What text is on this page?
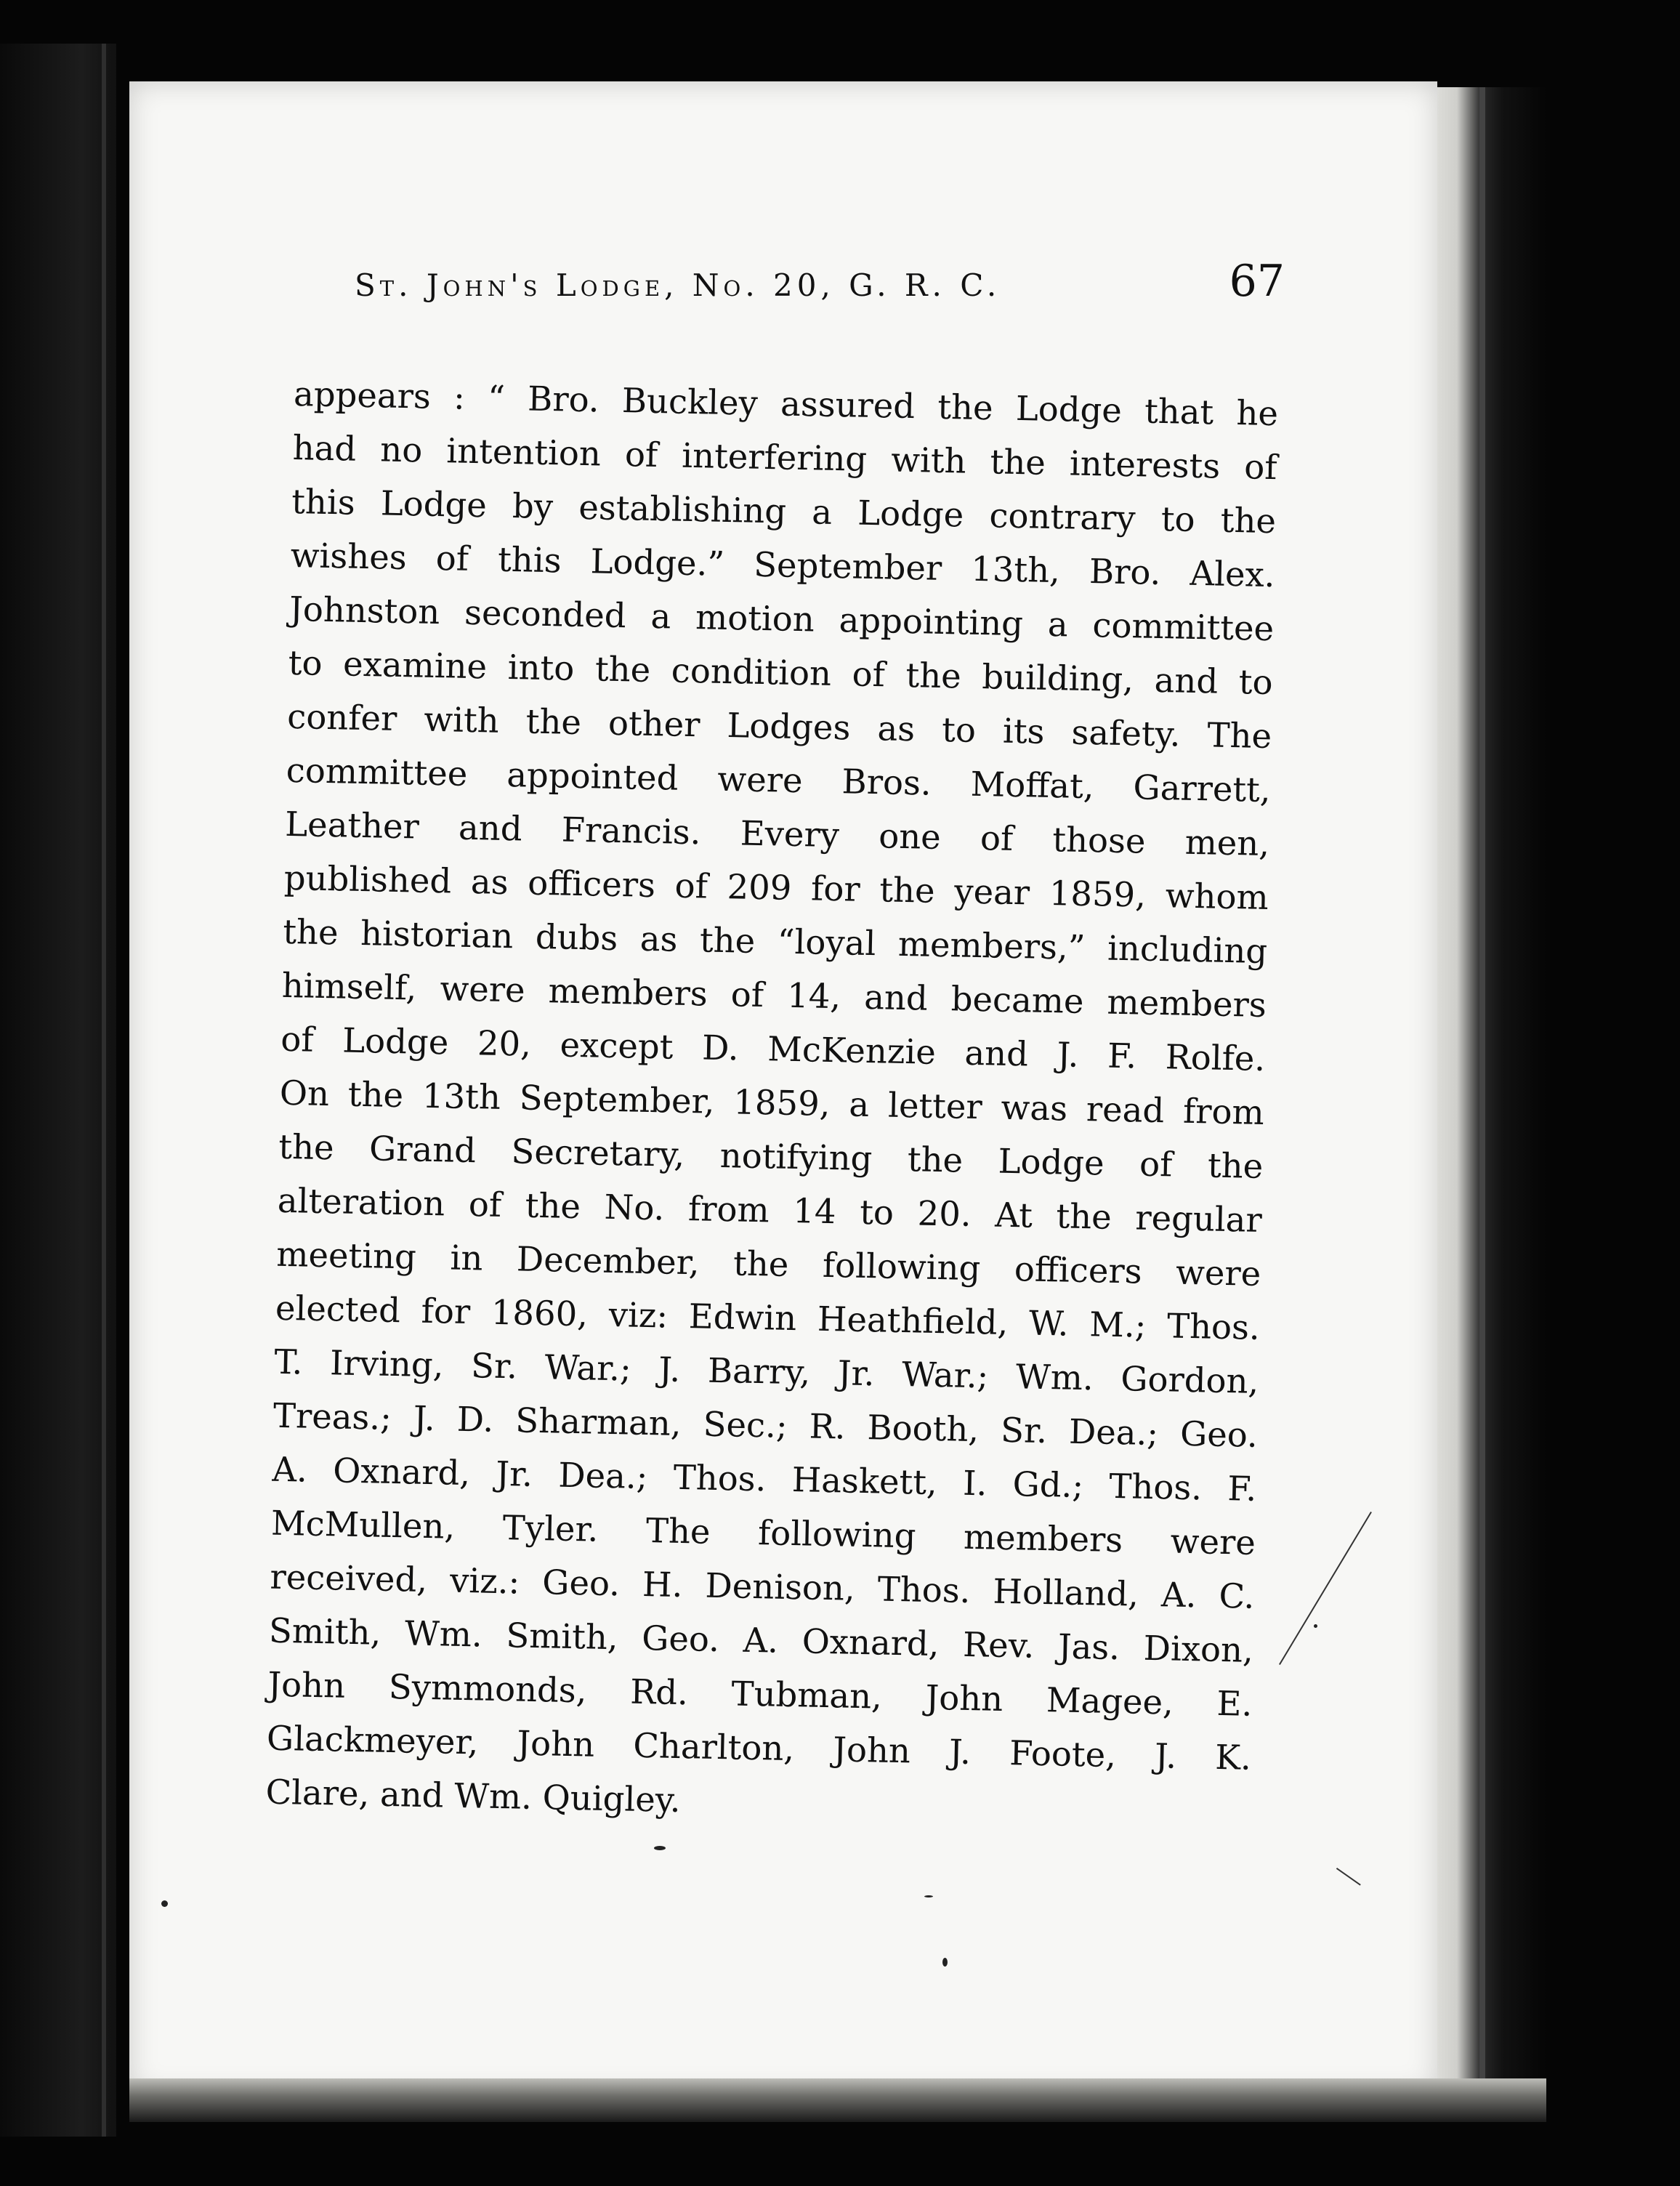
St. John's Lodge, No. 20, G. R. C.	67
appears : “ Bro. Buckley assured the Lodge that he
had no intention of interfering with the interests of
this Lodge by establishing a Lodge contrary to the
wishes of this Lodge.” September 13th, Bro. Alex.
Johnston seconded a motion appointing a committee
to examine into the condition of the building, and to
confer with the other Lodges as to its safety. The
committee appointed were Bros. Moffat, Garrett,
Leather and Francis. Every one of those men,
published as officers of 209 for the year 1859, whom
the historian dubs as the “loyal members,” including
himself, were members of 14, and became members
of Lodge 20, except D. McKenzie and J. F. Rolfe.
On the 13th September, 1859, a letter was read from
the Grand Secretary, notifying the Lodge of the
alteration of the No. from 14 to 20. At the regular
meeting in December, the following officers were
elected for 1860, viz: Edwin Heathfield, W. M.; Thos.
T. Irving, Sr. War.; J. Barry, Jr. War.; Wm. Gordon,
Treas.; J. D. Sharman, Sec.; R. Booth, Sr. Dea.; Geo.
A. Oxnard, Jr. Dea.; Thos. Haskett, I. Gd.; Thos. F.
McMullen, Tyler. The following members were
received, viz.: Geo. H. Denison, Thos. Holland, A. C.
Smith, Wm. Smith, Geo. A. Oxnard, Rev. Jas. Dixon,
John Symmonds, Rd. Tubman, John Magee, E.
Glackmeyer, John Charlton, John J. Foote, J. K.
Clare, and Wm. Quigley.
